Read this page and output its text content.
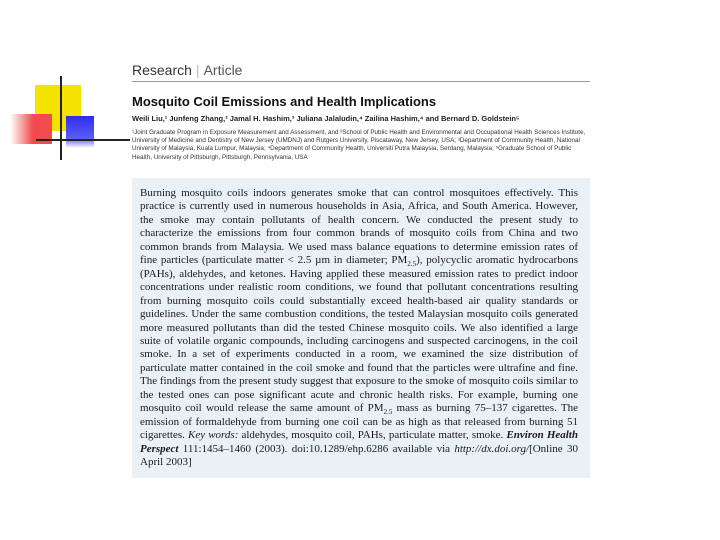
Research | Article
Mosquito Coil Emissions and Health Implications
Weili Liu,¹ Junfeng Zhang,² Jamal H. Hashim,³ Juliana Jalaludin,⁴ Zailina Hashim,⁴ and Bernard D. Goldstein⁵
¹Joint Graduate Program in Exposure Measurement and Assessment, and ²School of Public Health and Environmental and Occupational Health Sciences Institute, University of Medicine and Dentistry of New Jersey (UMDNJ) and Rutgers University, Piscataway, New Jersey, USA; ³Department of Community Health, National University of Malaysia, Kuala Lumpur, Malaysia; ⁴Department of Community Health, Universiti Putra Malaysia, Serdang, Malaysia; ⁵Graduate School of Public Health, University of Pittsburgh, Pittsburgh, Pennsylvania, USA

Burning mosquito coils indoors generates smoke that can control mosquitoes effectively. This practice is currently used in numerous households in Asia, Africa, and South America. However, the smoke may contain pollutants of health concern. We conducted the present study to characterize the emissions from four common brands of mosquito coils from China and two common brands from Malaysia. We used mass balance equations to determine emission rates of fine particles (particulate matter < 2.5 µm in diameter; $PM_{2.5}$), polycyclic aromatic hydrocarbons (PAHs), aldehydes, and ketones. Having applied these measured emission rates to predict indoor concentrations under realistic room conditions, we found that pollutant concentrations resulting from burning mosquito coils could substantially exceed health-based air quality standards or guidelines. Under the same combustion conditions, the tested Malaysian mosquito coils generated more measured pollutants than did the tested Chinese mosquito coils. We also identified a large suite of volatile organic compounds, including carcinogens and suspected carcinogens, in the coil smoke. In a set of experiments conducted in a room, we examined the size distribution of particulate matter contained in the coil smoke and found that the particles were ultrafine and fine. The findings from the present study suggest that exposure to the smoke of mosquito coils similar to the tested ones can pose significant acute and chronic health risks. For example, burning one mosquito coil would release the same amount of $PM_{2.5}$ mass as burning 75–137 cigarettes. The emission of formaldehyde from burning one coil can be as high as that released from burning 51 cigarettes. Key words: aldehydes, mosquito coil, PAHs, particulate matter, smoke. Environ Health Perspect 111:1454–1460 (2003). doi:10.1289/ehp.6286 available via http://dx.doi.org/[Online 30 April 2003]
